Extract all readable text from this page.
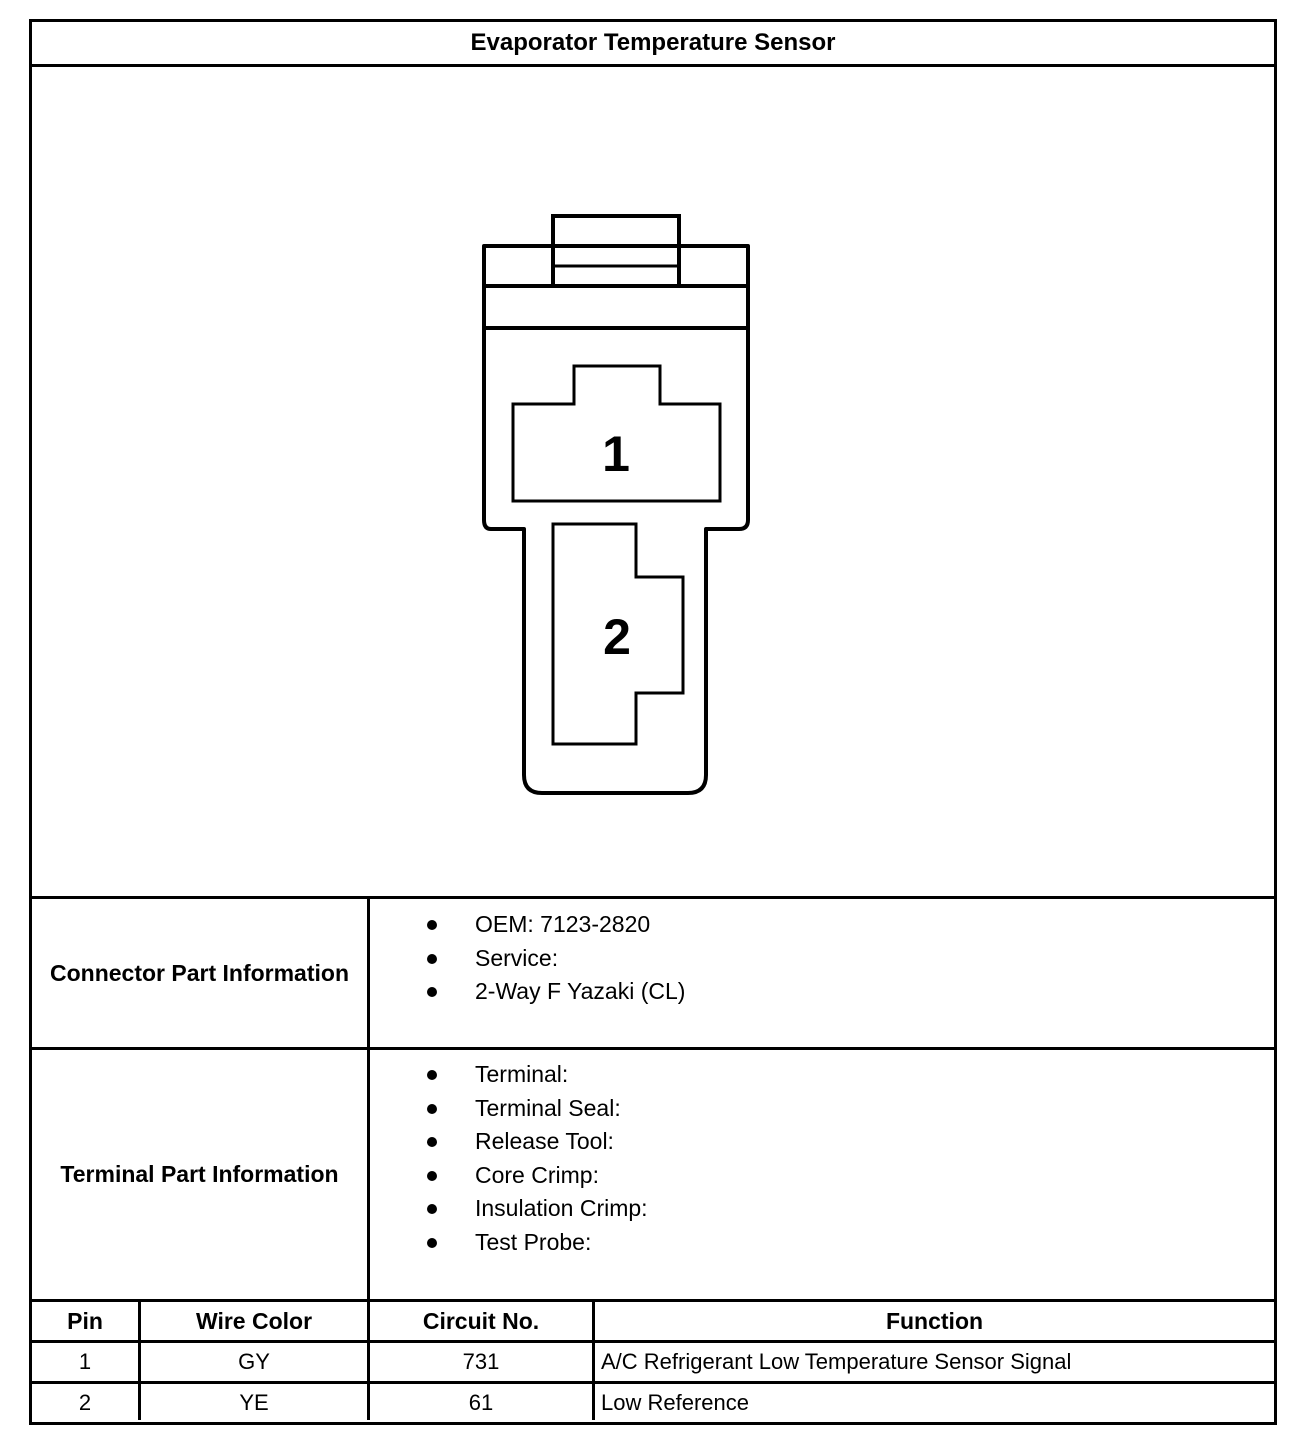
Evaporator Temperature Sensor
1
2
Connector Part Information
OEM: 7123-2820
Service:
2-Way F Yazaki (CL)
Terminal Part Information
Terminal:
Terminal Seal:
Release Tool:
Core Crimp:
Insulation Crimp:
Test Probe:
Pin	Wire Color	Circuit No.	Function
1	GY	731	A/C Refrigerant Low Temperature Sensor Signal
2	YE	61	Low Reference
